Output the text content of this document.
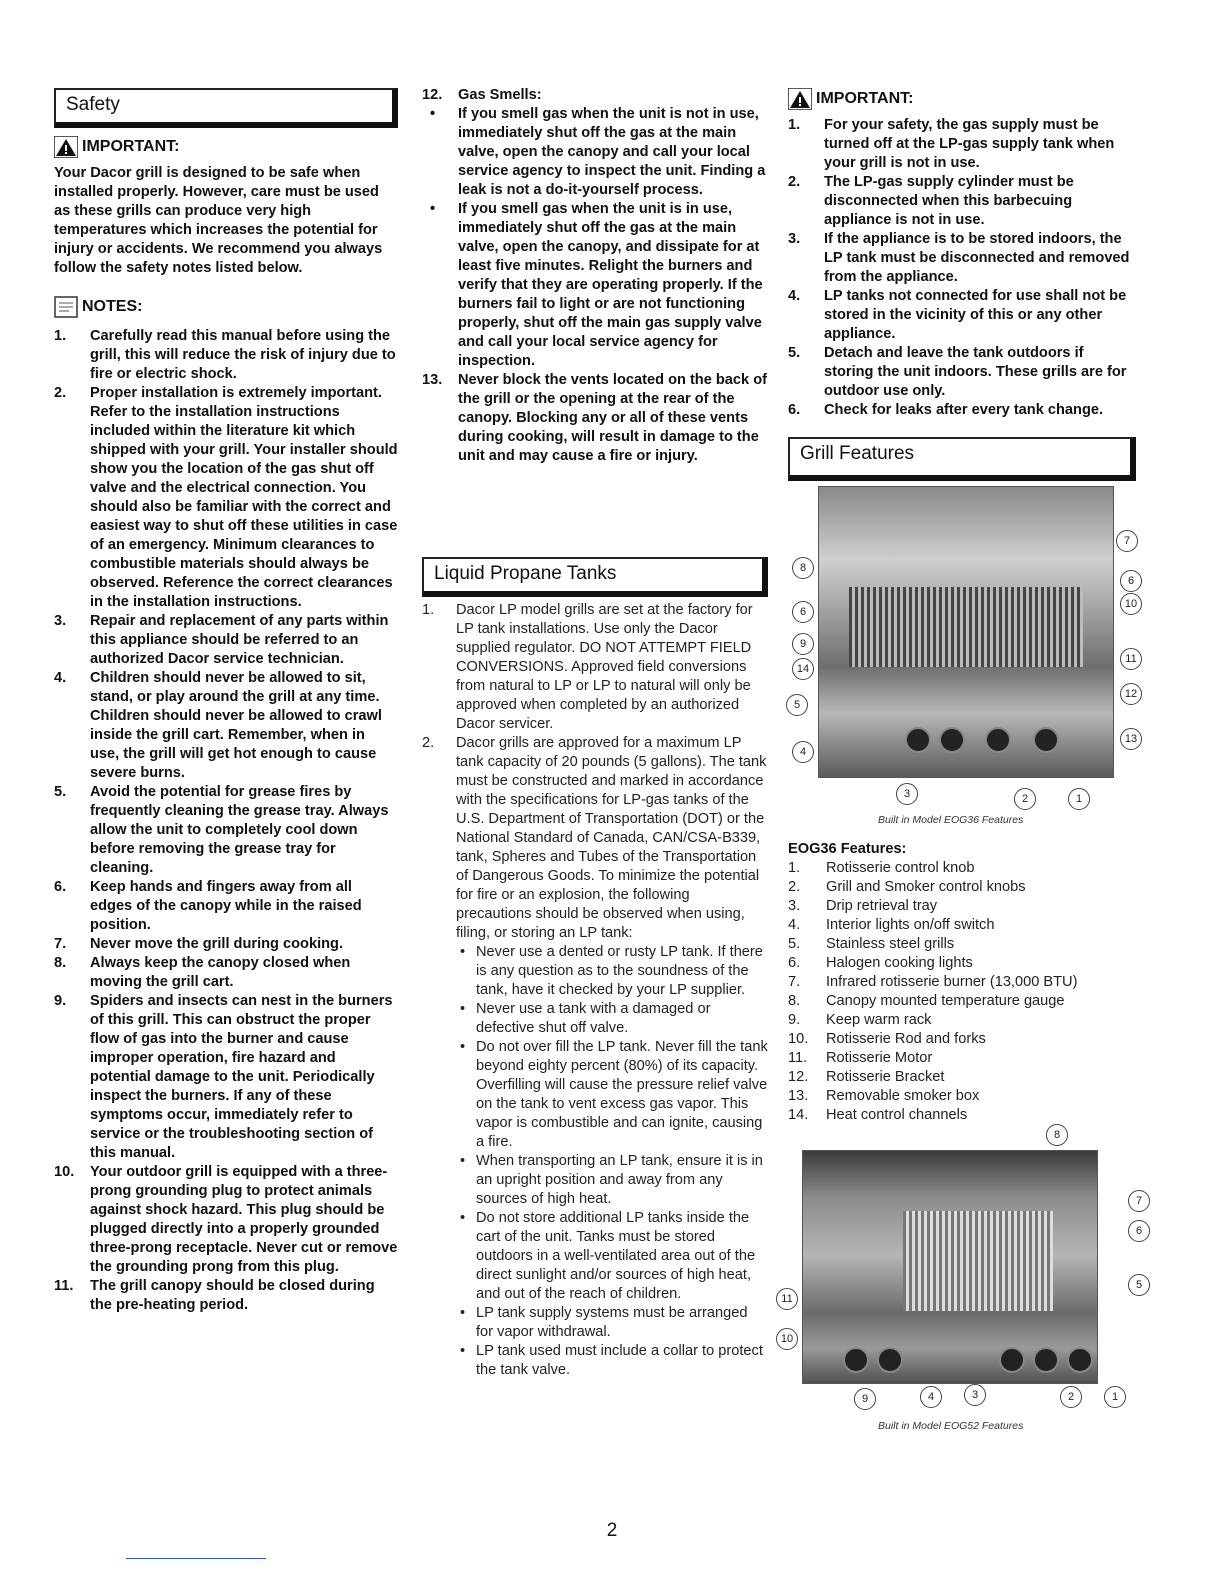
Safety
IMPORTANT:

Your Dacor grill is designed to be safe when installed properly. However, care must be used as these grills can produce very high temperatures which increases the potential for injury or accidents. We recommend you always follow the safety notes listed below.

NOTES:
1. Carefully read this manual before using the grill, this will reduce the risk of injury due to fire or electric shock.
2. Proper installation is extremely important. Refer to the installation instructions included within the literature kit which shipped with your grill. Your installer should show you the location of the gas shut off valve and the electrical connection. You should also be familiar with the correct and easiest way to shut off these utilities in case of an emergency. Minimum clearances to combustible materials should always be observed. Reference the correct clearances in the installation instructions.
3. Repair and replacement of any parts within this appliance should be referred to an authorized Dacor service technician.
4. Children should never be allowed to sit, stand, or play around the grill at any time. Children should never be allowed to crawl inside the grill cart. Remember, when in use, the grill will get hot enough to cause severe burns.
5. Avoid the potential for grease fires by frequently cleaning the grease tray. Always allow the unit to completely cool down before removing the grease tray for cleaning.
6. Keep hands and fingers away from all edges of the canopy while in the raised position.
7. Never move the grill during cooking.
8. Always keep the canopy closed when moving the grill cart.
9. Spiders and insects can nest in the burners of this grill. This can obstruct the proper flow of gas into the burner and cause improper operation, fire hazard and potential damage to the unit. Periodically inspect the burners. If any of these symptoms occur, immediately refer to service or the troubleshooting section of this manual.
10. Your outdoor grill is equipped with a three-prong grounding plug to protect animals against shock hazard. This plug should be plugged directly into a properly grounded three-prong receptacle. Never cut or remove the grounding prong from this plug.
11. The grill canopy should be closed during the pre-heating period.
12. Gas Smells:
• If you smell gas when the unit is not in use, immediately shut off the gas at the main valve, open the canopy and call your local service agency to inspect the unit. Finding a leak is not a do-it-yourself process.
• If you smell gas when the unit is in use, immediately shut off the gas at the main valve, open the canopy, and dissipate for at least five minutes. Relight the burners and verify that they are operating properly. If the burners fail to light or are not functioning properly, shut off the main gas supply valve and call your local service agency for inspection.
13. Never block the vents located on the back of the grill or the opening at the rear of the canopy. Blocking any or all of these vents during cooking, will result in damage to the unit and may cause a fire or injury.
Liquid Propane Tanks
1. Dacor LP model grills are set at the factory for LP tank installations. Use only the Dacor supplied regulator. DO NOT ATTEMPT FIELD CONVERSIONS. Approved field conversions from natural to LP or LP to natural will only be approved when completed by an authorized Dacor servicer.
2. Dacor grills are approved for a maximum LP tank capacity of 20 pounds (5 gallons). The tank must be constructed and marked in accordance with the specifications for LP-gas tanks of the U.S. Department of Transportation (DOT) or the National Standard of Canada, CAN/CSA-B339, tank, Spheres and Tubes of the Transportation of Dangerous Goods. To minimize the potential for fire or an explosion, the following precautions should be observed when using, filing, or storing an LP tank:
• Never use a dented or rusty LP tank. If there is any question as to the soundness of the tank, have it checked by your LP supplier.
• Never use a tank with a damaged or defective shut off valve.
• Do not over fill the LP tank. Never fill the tank beyond eighty percent (80%) of its capacity. Overfilling will cause the pressure relief valve on the tank to vent excess gas vapor. This vapor is combustible and can ignite, causing a fire.
• When transporting an LP tank, ensure it is in an upright position and away from any sources of high heat.
• Do not store additional LP tanks inside the cart of the unit. Tanks must be stored outdoors in a well-ventilated area out of the direct sunlight and/or sources of high heat, and out of the reach of children.
• LP tank supply systems must be arranged for vapor withdrawal.
• LP tank used must include a collar to protect the tank valve.
IMPORTANT:
1. For your safety, the gas supply must be turned off at the LP-gas supply tank when your grill is not in use.
2. The LP-gas supply cylinder must be disconnected when this barbecuing appliance is not in use.
3. If the appliance is to be stored indoors, the LP tank must be disconnected and removed from the appliance.
4. LP tanks not connected for use shall not be stored in the vicinity of this or any other appliance.
5. Detach and leave the tank outdoors if storing the unit indoors. These grills are for outdoor use only.
6. Check for leaks after every tank change.
Grill Features
8
6
9
14
5
4
7
6
10
11
12
13
3	2	1
Built in Model EOG36 Features
EOG36 Features:
1. Rotisserie control knob
2. Grill and Smoker control knobs
3. Drip retrieval tray
4. Interior lights on/off switch
5. Stainless steel grills
6. Halogen cooking lights
7. Infrared rotisserie burner (13,000 BTU)
8. Canopy mounted temperature gauge
9. Keep warm rack
10. Rotisserie Rod and forks
11. Rotisserie Motor
12. Rotisserie Bracket
13. Removable smoker box
14. Heat control channels
8
7
6
5
11
10
9	4	3	2	1
Built in Model EOG52 Features
2
